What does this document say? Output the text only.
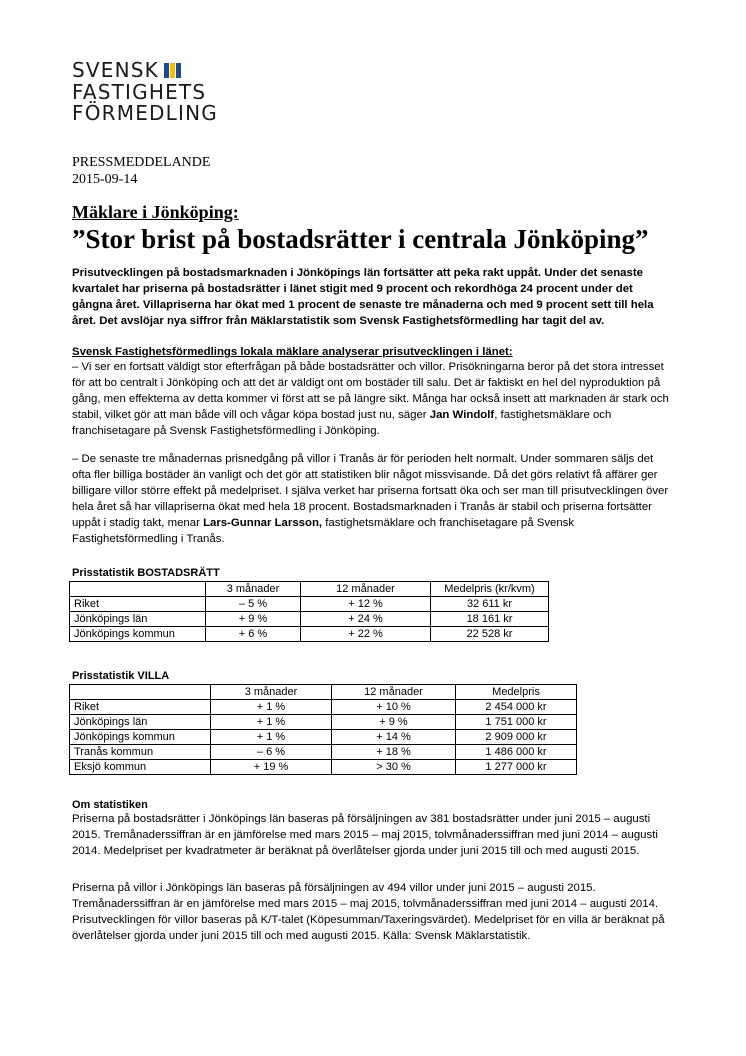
SVENSK
FASTIGHETS
FÖRMEDLING
PRESSMEDDELANDE
2015-09-14
Mäklare i Jönköping:
”Stor brist på bostadsrätter i centrala Jönköping”
Prisutvecklingen på bostadsmarknaden i Jönköpings län fortsätter att peka rakt uppåt. Under det senaste kvartalet har priserna på bostadsrätter i länet stigit med 9 procent och rekordhöga 24 procent under det gångna året. Villapriserna har ökat med 1 procent de senaste tre månaderna och med 9 procent sett till hela året. Det avslöjar nya siffror från Mäklarstatistik som Svensk Fastighetsförmedling har tagit del av.
Svensk Fastighetsförmedlings lokala mäklare analyserar prisutvecklingen i länet:
– Vi ser en fortsatt väldigt stor efterfrågan på både bostadsrätter och villor. Prisökningarna beror på det stora intresset för att bo centralt i Jönköping och att det är väldigt ont om bostäder till salu. Det är faktiskt en hel del nyproduktion på gång, men effekterna av detta kommer vi först att se på längre sikt. Många har också insett att marknaden är stark och stabil, vilket gör att man både vill och vågar köpa bostad just nu, säger Jan Windolf, fastighetsmäklare och franchisetagare på Svensk Fastighetsförmedling i Jönköping.
– De senaste tre månadernas prisnedgång på villor i Tranås är för perioden helt normalt. Under sommaren säljs det ofta fler billiga bostäder än vanligt och det gör att statistiken blir något missvisande. Då det görs relativt få affärer ger billigare villor större effekt på medelpriset. I själva verket har priserna fortsatt öka och ser man till prisutvecklingen över hela året så har villapriserna ökat med hela 18 procent. Bostadsmarknaden i Tranås är stabil och priserna fortsätter uppåt i stadig takt, menar Lars-Gunnar Larsson, fastighetsmäklare och franchisetagare på Svensk Fastighetsförmedling i Tranås.
Prisstatistik BOSTADSRÄTT
	3 månader	12 månader	Medelpris (kr/kvm)
Riket	– 5 %	+ 12 %	32 611 kr
Jönköpings län	+ 9 %	+ 24 %	18 161 kr
Jönköpings kommun	+ 6 %	+ 22 %	22 528 kr
Prisstatistik VILLA
	3 månader	12 månader	Medelpris
Riket	+ 1 %	+ 10 %	2 454 000 kr
Jönköpings län	+ 1 %	+ 9 %	1 751 000 kr
Jönköpings kommun	+ 1 %	+ 14 %	2 909 000 kr
Tranås kommun	– 6 %	+ 18 %	1 486 000 kr
Eksjö kommun	+ 19 %	> 30 %	1 277 000 kr
Om statistiken
Priserna på bostadsrätter i Jönköpings län baseras på försäljningen av 381 bostadsrätter under juni 2015 – augusti 2015. Tremånaderssiffran är en jämförelse med mars 2015 – maj 2015, tolvmånaderssiffran med juni 2014 – augusti 2014. Medelpriset per kvadratmeter är beräknat på överlåtelser gjorda under juni 2015 till och med augusti 2015.
Priserna på villor i Jönköpings län baseras på försäljningen av 494 villor under juni 2015 – augusti 2015. Tremånaderssiffran är en jämförelse med mars 2015 – maj 2015, tolvmånaderssiffran med juni 2014 – augusti 2014. Prisutvecklingen för villor baseras på K/T-talet (Köpesumman/Taxeringsvärdet). Medelpriset för en villa är beräknat på överlåtelser gjorda under juni 2015 till och med augusti 2015. Källa: Svensk Mäklarstatistik.
